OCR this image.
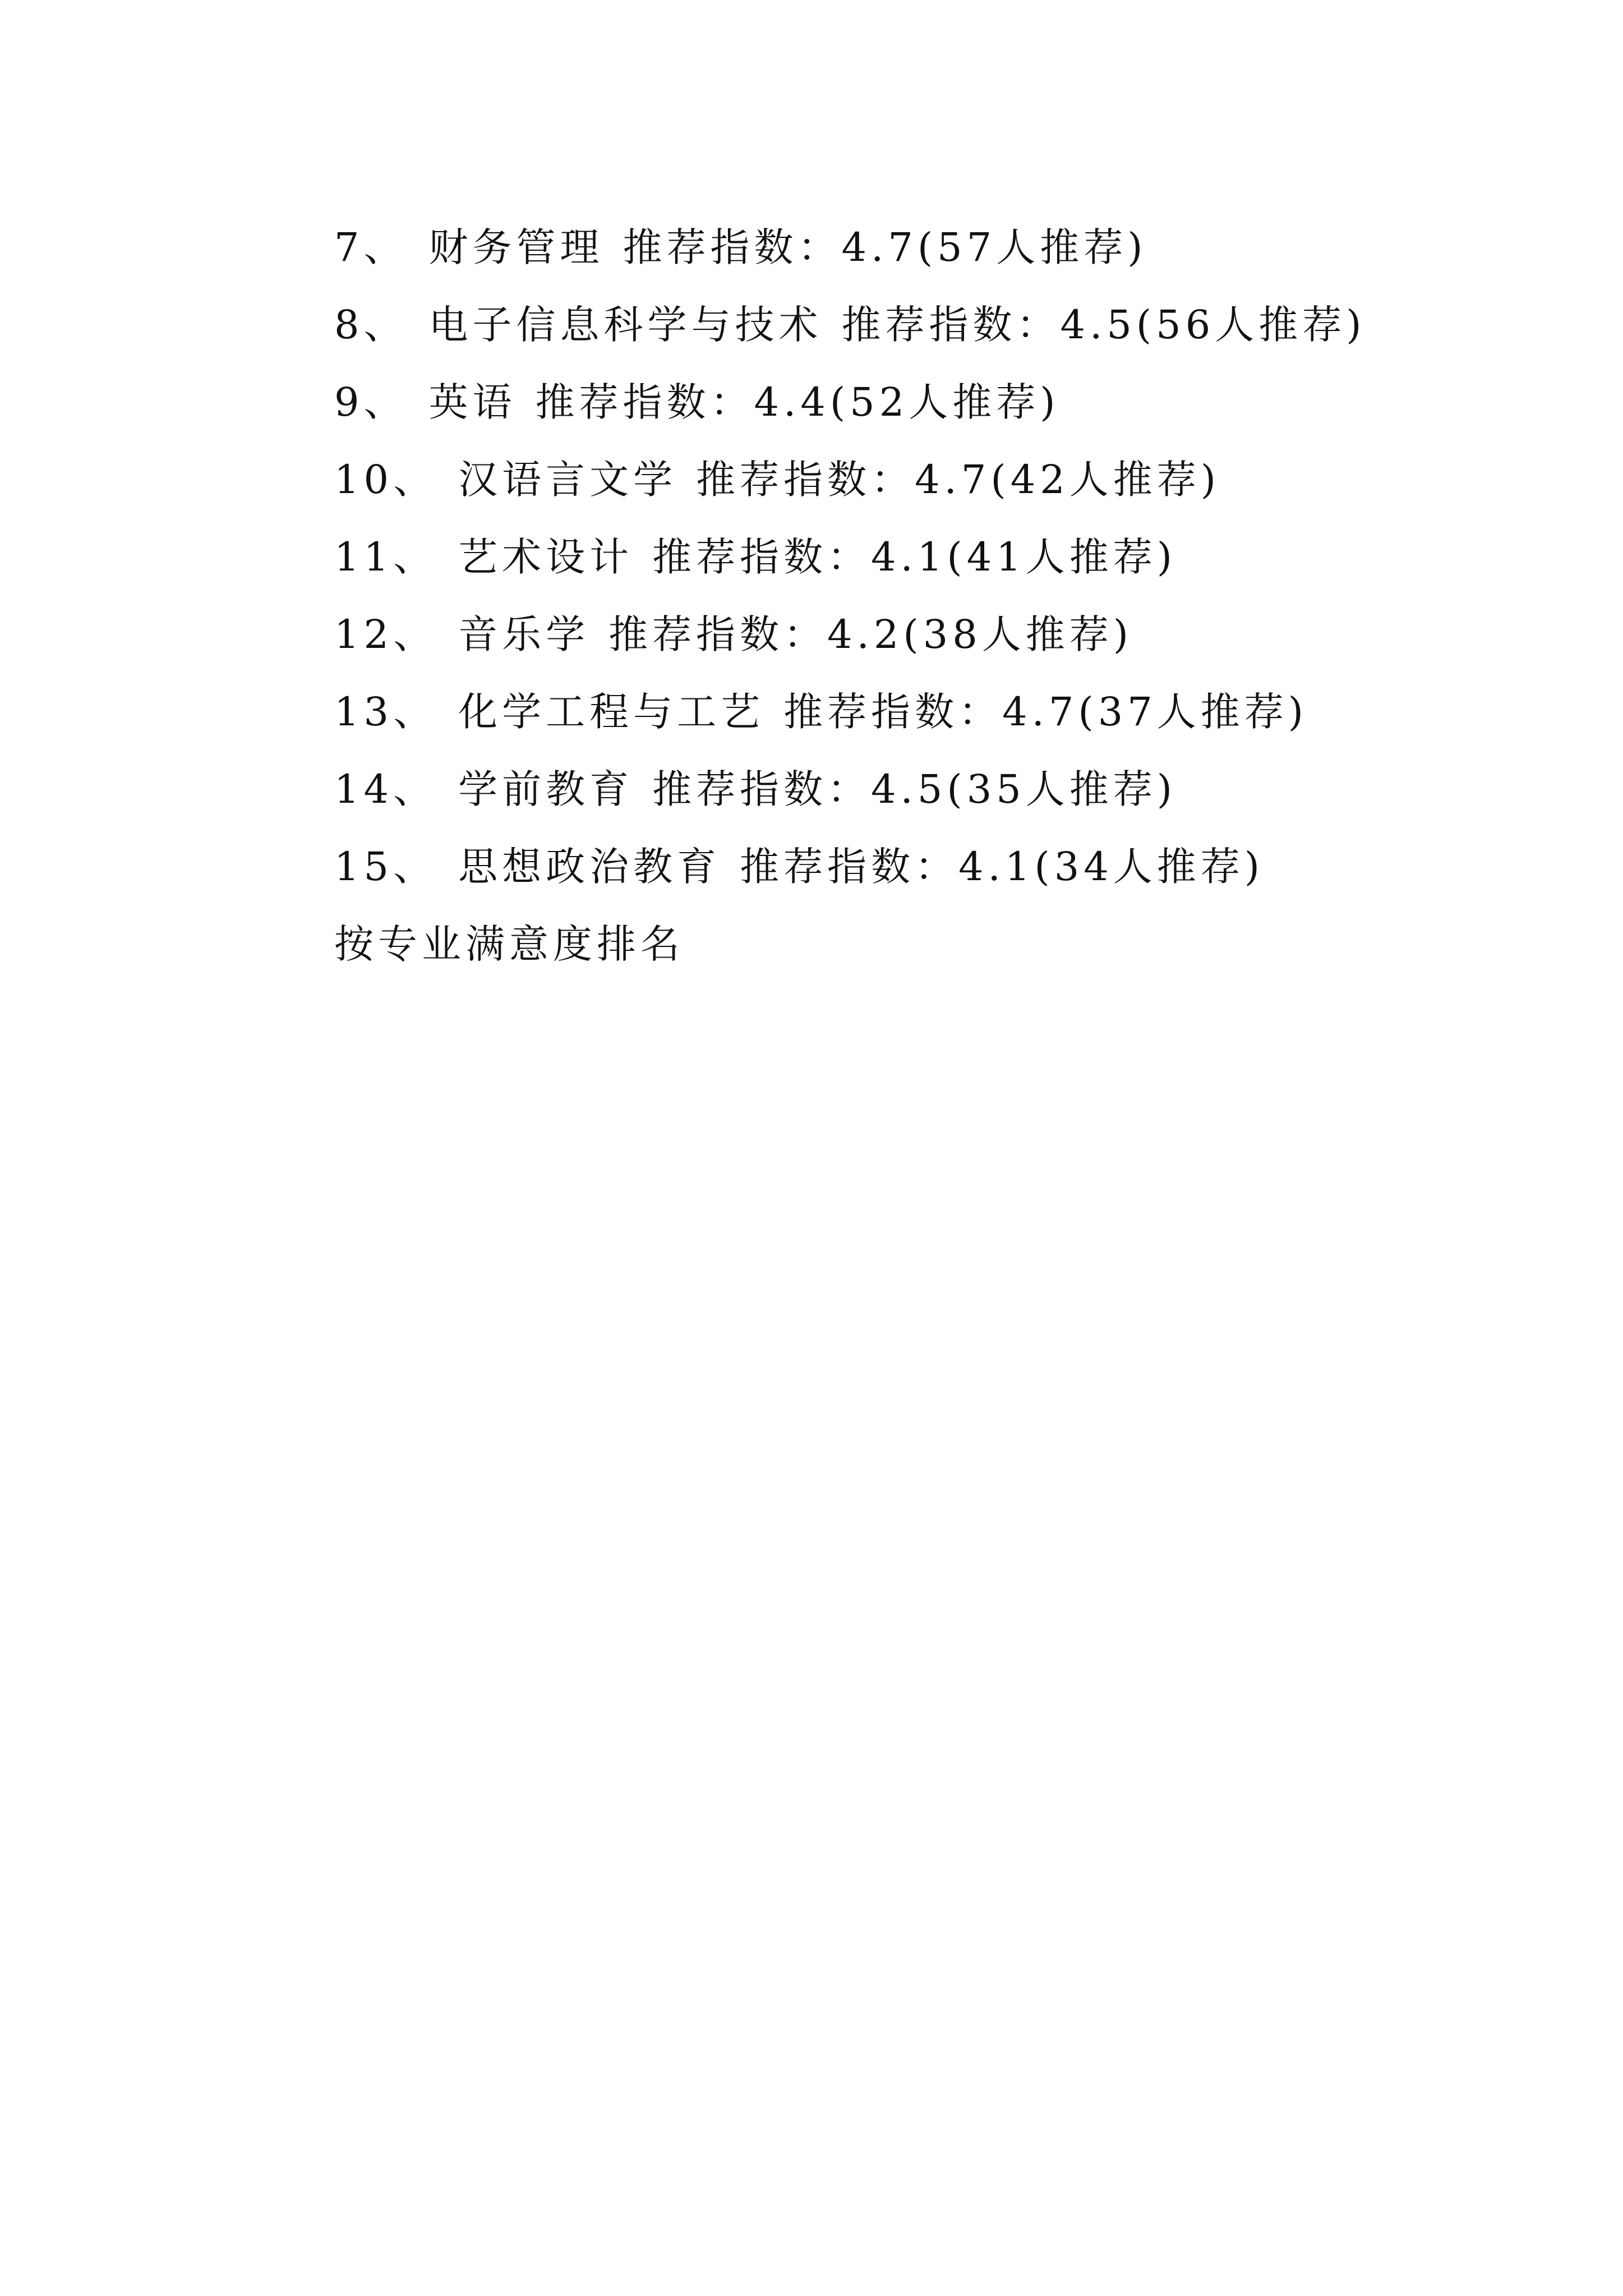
7、 财务管理 推荐指数：4.7(57人推荐)
8、 电子信息科学与技术 推荐指数：4.5(56人推荐)
9、 英语 推荐指数：4.4(52人推荐)
10、 汉语言文学 推荐指数：4.7(42人推荐)
11、 艺术设计 推荐指数：4.1(41人推荐)
12、 音乐学 推荐指数：4.2(38人推荐)
13、 化学工程与工艺 推荐指数：4.7(37人推荐)
14、 学前教育 推荐指数：4.5(35人推荐)
15、 思想政治教育 推荐指数：4.1(34人推荐)
按专业满意度排名
